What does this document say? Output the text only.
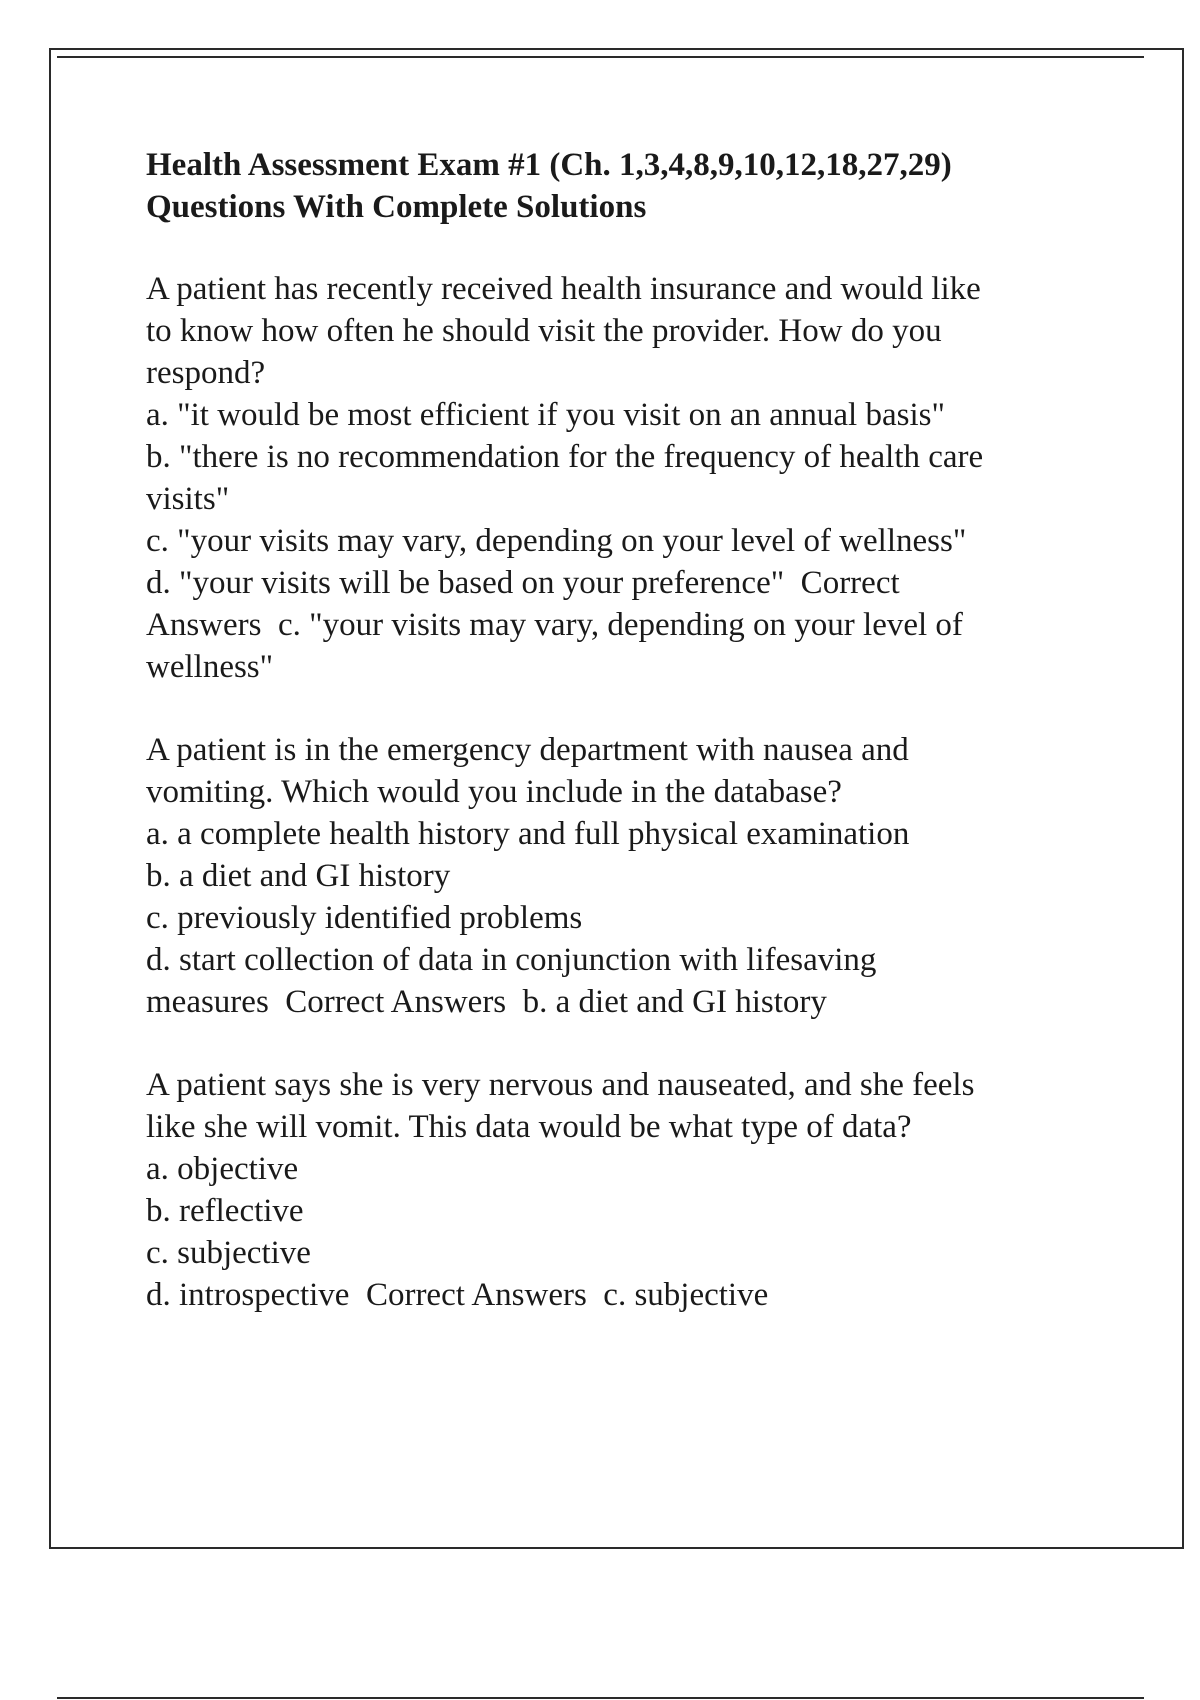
Health Assessment Exam #1 (Ch. 1,3,4,8,9,10,12,18,27,29)
Questions With Complete Solutions
A patient has recently received health insurance and would like
to know how often he should visit the provider. How do you
respond?
a. "it would be most efficient if you visit on an annual basis"
b. "there is no recommendation for the frequency of health care
visits"
c. "your visits may vary, depending on your level of wellness"
d. "your visits will be based on your preference"  Correct
Answers  c. "your visits may vary, depending on your level of
wellness"
A patient is in the emergency department with nausea and
vomiting. Which would you include in the database?
a. a complete health history and full physical examination
b. a diet and GI history
c. previously identified problems
d. start collection of data in conjunction with lifesaving
measures  Correct Answers  b. a diet and GI history
A patient says she is very nervous and nauseated, and she feels
like she will vomit. This data would be what type of data?
a. objective
b. reflective
c. subjective
d. introspective  Correct Answers  c. subjective
